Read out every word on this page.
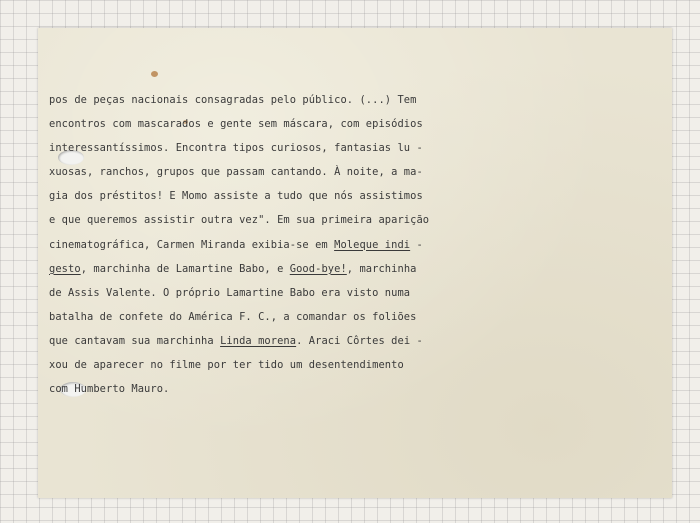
pos de peças nacionais consagradas pelo público. (...) Tem
encontros com mascarados e gente sem máscara, com episódios
interessantíssimos. Encontra tipos curiosos, fantasias lu -
xuosas, ranchos, grupos que passam cantando. À noite, a ma-
gia dos préstitos! E Momo assiste a tudo que nós assistimos
e que queremos assistir outra vez". Em sua primeira aparição
cinematográfica, Carmen Miranda exibia-se em Moleque indi -
gesto, marchinha de Lamartine Babo, e Good-bye!, marchinha
de Assis Valente. O próprio Lamartine Babo era visto numa
batalha de confete do América F. C., a comandar os foliões
que cantavam sua marchinha Linda morena. Araci Côrtes dei -
xou de aparecer no filme por ter tido um desentendimento
com Humberto Mauro.
